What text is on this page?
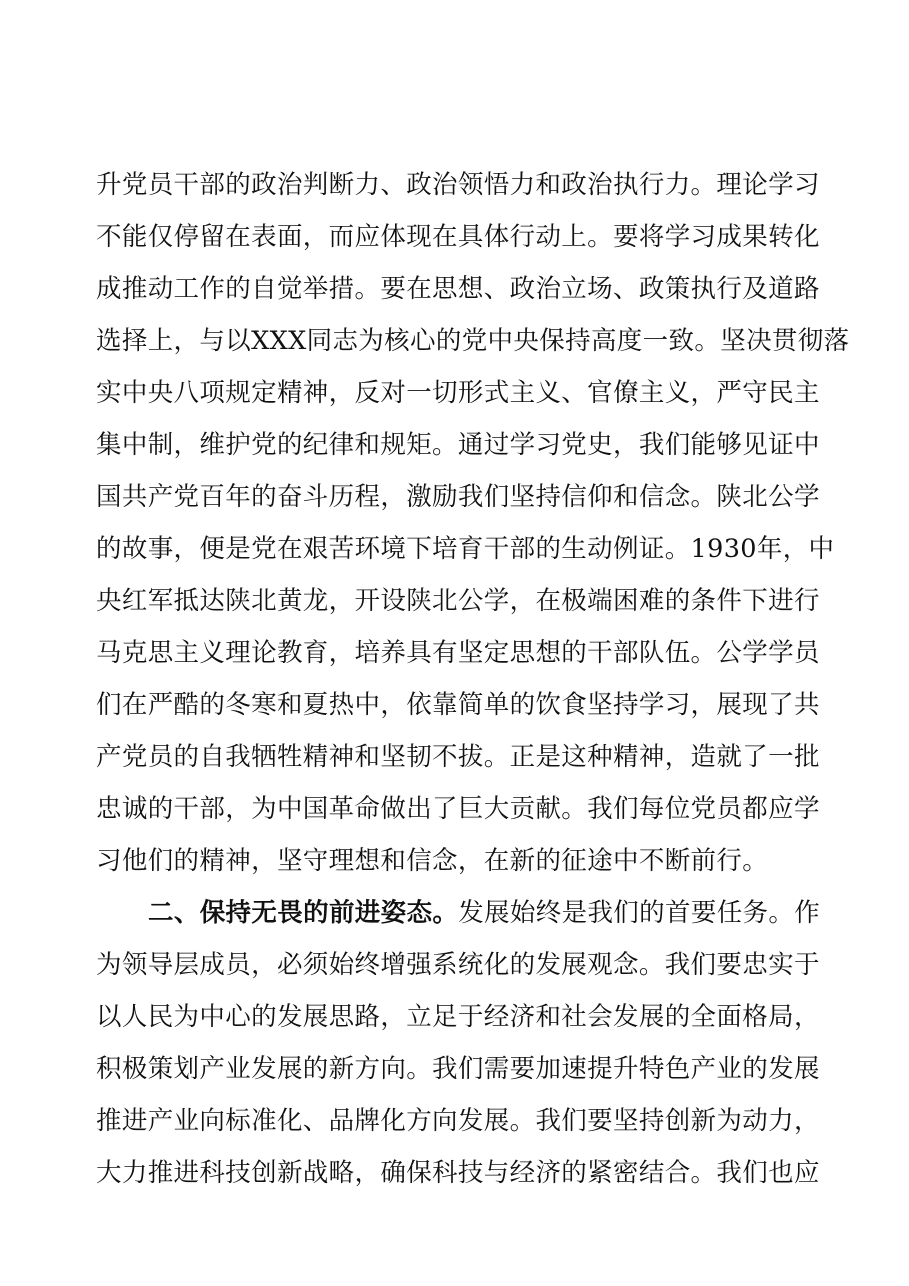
升党员干部的政治判断力、政治领悟力和政治执行力。理论学习
不能仅停留在表面，而应体现在具体行动上。要将学习成果转化
成推动工作的自觉举措。要在思想、政治立场、政策执行及道路
选择上，与以XXX同志为核心的党中央保持高度一致。坚决贯彻落
实中央八项规定精神，反对一切形式主义、官僚主义，严守民主
集中制，维护党的纪律和规矩。通过学习党史，我们能够见证中
国共产党百年的奋斗历程，激励我们坚持信仰和信念。陕北公学
的故事，便是党在艰苦环境下培育干部的生动例证。1930年，中
央红军抵达陕北黄龙，开设陕北公学，在极端困难的条件下进行
马克思主义理论教育，培养具有坚定思想的干部队伍。公学学员
们在严酷的冬寒和夏热中，依靠简单的饮食坚持学习，展现了共
产党员的自我牺牲精神和坚韧不拔。正是这种精神，造就了一批
忠诚的干部，为中国革命做出了巨大贡献。我们每位党员都应学
习他们的精神，坚守理想和信念，在新的征途中不断前行。
二、保持无畏的前进姿态。发展始终是我们的首要任务。作
为领导层成员，必须始终增强系统化的发展观念。我们要忠实于
以人民为中心的发展思路，立足于经济和社会发展的全面格局，
积极策划产业发展的新方向。我们需要加速提升特色产业的发展
推进产业向标准化、品牌化方向发展。我们要坚持创新为动力，
大力推进科技创新战略，确保科技与经济的紧密结合。我们也应
